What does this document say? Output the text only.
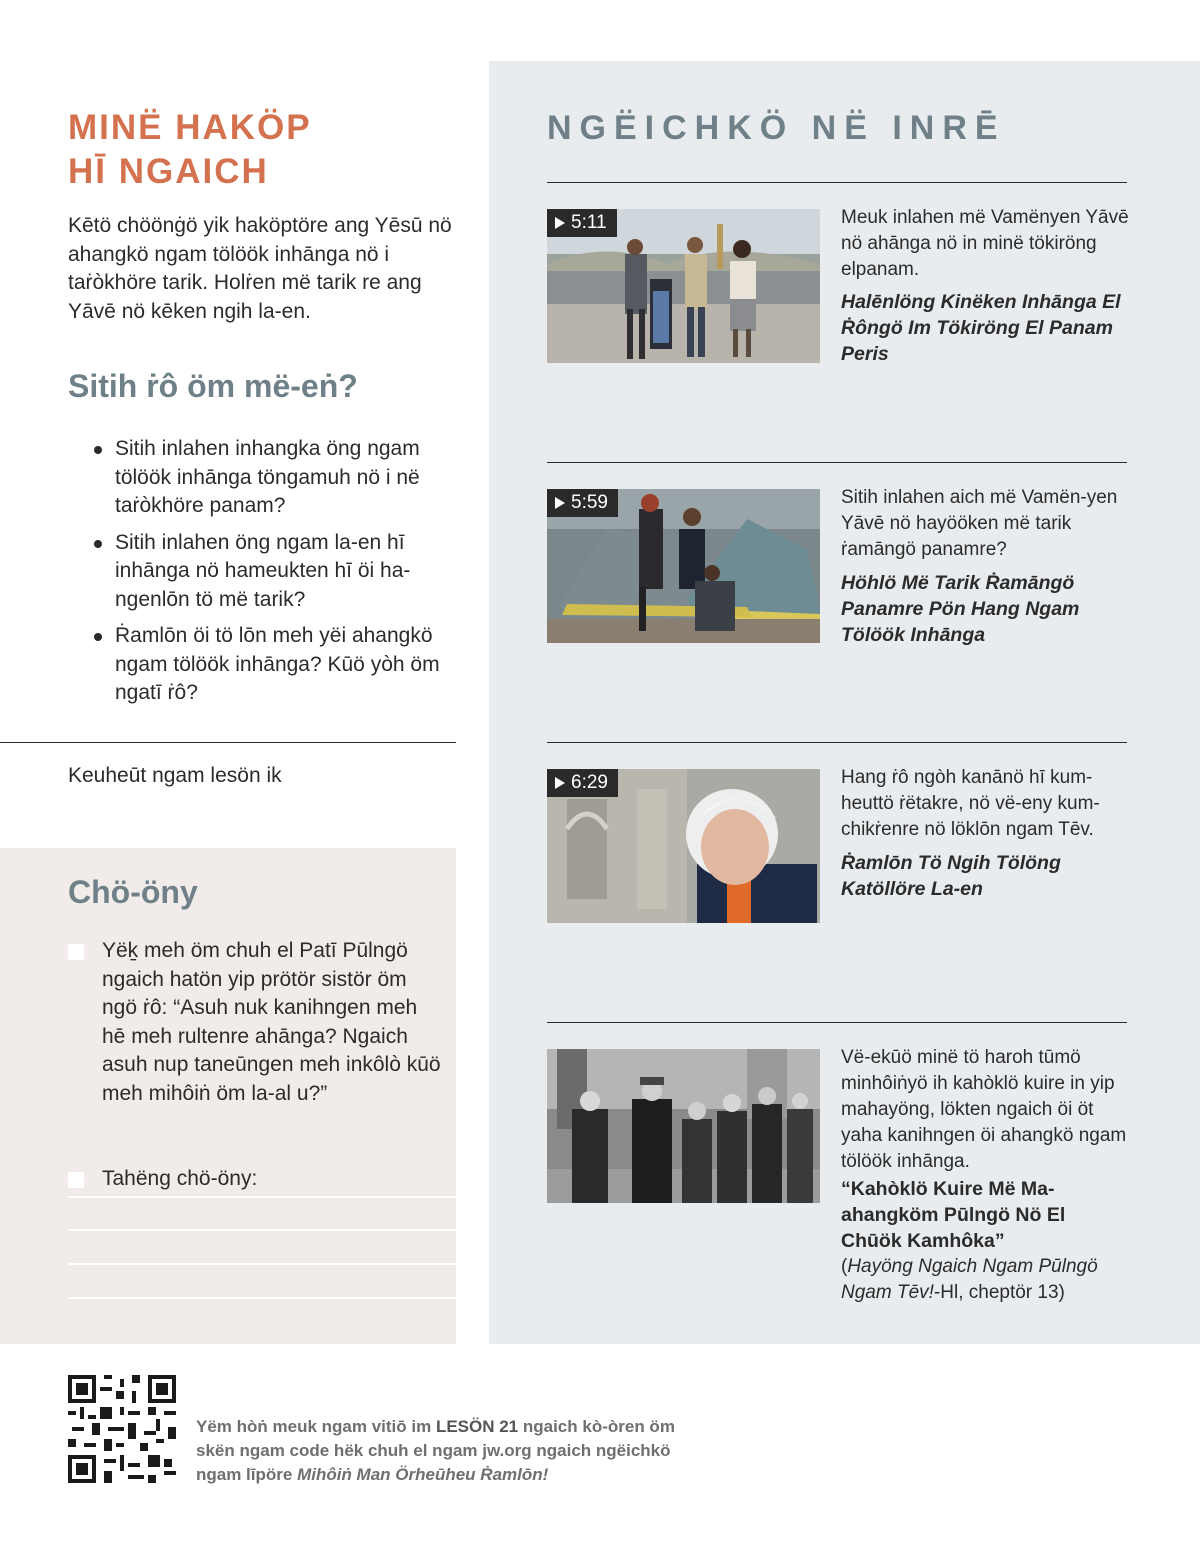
MINË HAKÖP
HĪ NGAICH

Kētö chöönġö yik haköptöre ang Yēsū nö ahangkö ngam tölöök inhānga nö i taṙòkhöre tarik. Holṙen më tarik re ang Yāvē nö kēken ngih la-en.

Sitih ṙô öm më-eṅ?
Sitih inlahen inhangka öng ngam tölöök inhānga töngamuh nö i në taṙòkhöre panam?
Sitih inlahen öng ngam la-en hī inhānga nö hameukten hī öi ha-ngenlōn tö më tarik?
Ṙamlōn öi tö lōn meh yëi ahangkö ngam tölöök inhānga? Kūö yòh öm ngatī ṙô?

Keuheūt ngam lesön ik

Chö-öny

Yëḵ meh öm chuh el Patī Pūlngö ngaich hatön yip prötör sistör öm ngö ṙô: “Asuh nuk kanihngen meh hē meh rultenre ahānga? Ngaich asuh nup taneūngen meh inkôlò kūö meh mihôiṅ öm la-al u?”

Tahëng chö-öny:

NGËICHKÖ NË INRĒ
5:11	Meuk inlahen më Vamënyen Yāvē nö ahānga nö in minë tökiröng elpanam.

Halēnlöng Kinëken Inhānga El Ṙôngö Im Tökiröng El Panam Peris

5:59	Sitih inlahen aich më Vamën-yen Yāvē nö hayööken më tarik ṙamāngö panamre?

Höhlö Më Tarik Ṙamāngö Panamre Pön Hang Ngam Tölöök Inhānga

6:29	Hang ṙô ngòh kanānö hī kum-heuttö ṙëtakre, nö vë-eny kum-chikṙenre nö löklōn ngam Tēv.

Ṙamlōn Tö Ngih Tölöng Katöllöre La-en

Vë-ekūö minë tö haroh tūmö minhôiṅyö ih kahòklö kuire in yip mahayöng, lökten ngaich öi öt yaha kanihngen öi ahangkö ngam tölöök inhānga.

“Kahòklö Kuire Më Ma-ahangköm Pūlngö Nö El Chūök Kamhôka”

(Hayöng Ngaich Ngam Pūlngö Ngam Tēv!-Hl, cheptör 13)

Yëm hòṅ meuk ngam vitiō im LESÖN 21 ngaich kò-òren öm skën ngam code hëk chuh el ngam jw.org ngaich ngëichkö ngam līpöre Mihôiṅ Man Örheūheu Ṙamlōn!
